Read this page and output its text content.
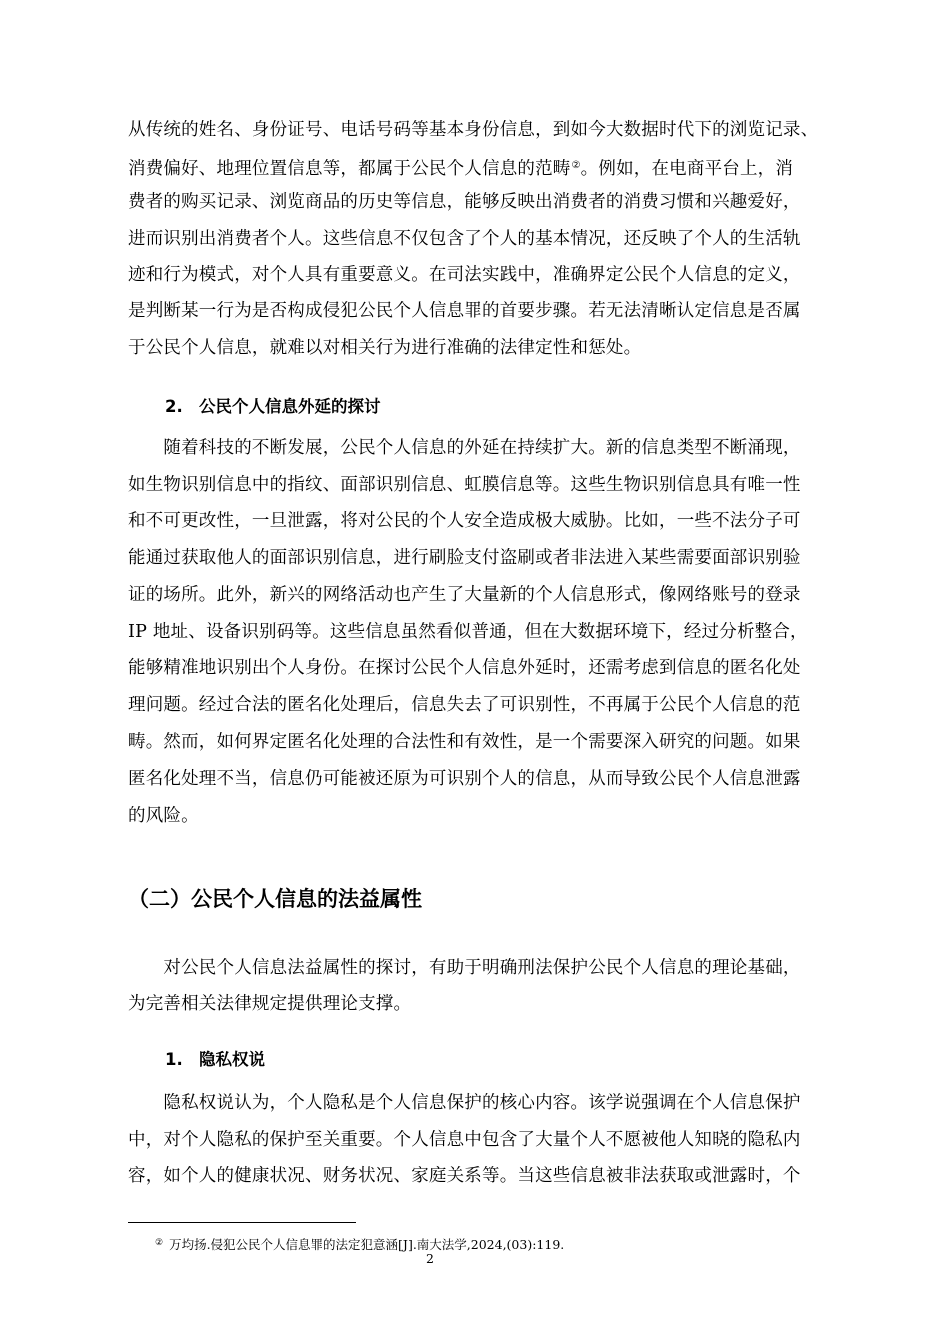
从传统的姓名、身份证号、电话号码等基本身份信息，到如今大数据时代下的浏览记录、
消费偏好、地理位置信息等，都属于公民个人信息的范畴②。例如，在电商平台上，消
费者的购买记录、浏览商品的历史等信息，能够反映出消费者的消费习惯和兴趣爱好，
进而识别出消费者个人。这些信息不仅包含了个人的基本情况，还反映了个人的生活轨
迹和行为模式，对个人具有重要意义。在司法实践中，准确界定公民个人信息的定义，
是判断某一行为是否构成侵犯公民个人信息罪的首要步骤。若无法清晰认定信息是否属
于公民个人信息，就难以对相关行为进行准确的法律定性和惩处。
2. 公民个人信息外延的探讨
　　随着科技的不断发展，公民个人信息的外延在持续扩大。新的信息类型不断涌现，
如生物识别信息中的指纹、面部识别信息、虹膜信息等。这些生物识别信息具有唯一性
和不可更改性，一旦泄露，将对公民的个人安全造成极大威胁。比如，一些不法分子可
能通过获取他人的面部识别信息，进行刷脸支付盗刷或者非法进入某些需要面部识别验
证的场所。此外，新兴的网络活动也产生了大量新的个人信息形式，像网络账号的登录
IP 地址、设备识别码等。这些信息虽然看似普通，但在大数据环境下，经过分析整合，
能够精准地识别出个人身份。在探讨公民个人信息外延时，还需考虑到信息的匿名化处
理问题。经过合法的匿名化处理后，信息失去了可识别性，不再属于公民个人信息的范
畴。然而，如何界定匿名化处理的合法性和有效性，是一个需要深入研究的问题。如果
匿名化处理不当，信息仍可能被还原为可识别个人的信息，从而导致公民个人信息泄露
的风险。
（二）公民个人信息的法益属性
　　对公民个人信息法益属性的探讨，有助于明确刑法保护公民个人信息的理论基础，
为完善相关法律规定提供理论支撑。
1. 隐私权说
　　隐私权说认为，个人隐私是个人信息保护的核心内容。该学说强调在个人信息保护
中，对个人隐私的保护至关重要。个人信息中包含了大量个人不愿被他人知晓的隐私内
容，如个人的健康状况、财务状况、家庭关系等。当这些信息被非法获取或泄露时，个
② 万均扬.侵犯公民个人信息罪的法定犯意涵[J].南大法学,2024,(03):119.
2
